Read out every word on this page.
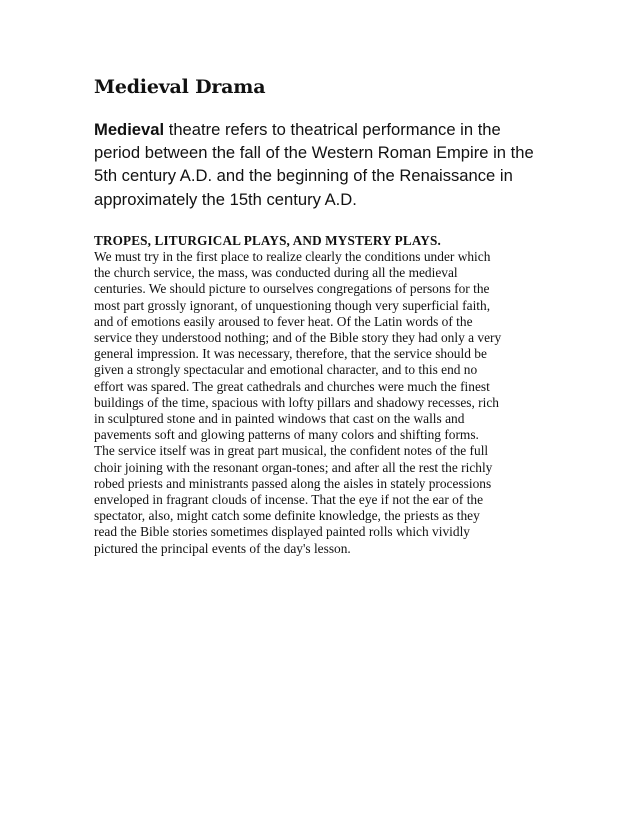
Medieval Drama

Medieval theatre refers to theatrical performance in the
period between the fall of the Western Roman Empire in the
5th century A.D. and the beginning of the Renaissance in
approximately the 15th century A.D.

TROPES, LITURGICAL PLAYS, AND MYSTERY PLAYS.

We must try in the first place to realize clearly the conditions under which
the church service, the mass, was conducted during all the medieval
centuries. We should picture to ourselves congregations of persons for the
most part grossly ignorant, of unquestioning though very superficial faith,
and of emotions easily aroused to fever heat. Of the Latin words of the
service they understood nothing; and of the Bible story they had only a very
general impression. It was necessary, therefore, that the service should be
given a strongly spectacular and emotional character, and to this end no
effort was spared. The great cathedrals and churches were much the finest
buildings of the time, spacious with lofty pillars and shadowy recesses, rich
in sculptured stone and in painted windows that cast on the walls and
pavements soft and glowing patterns of many colors and shifting forms.
The service itself was in great part musical, the confident notes of the full
choir joining with the resonant organ-tones; and after all the rest the richly
robed priests and ministrants passed along the aisles in stately processions
enveloped in fragrant clouds of incense. That the eye if not the ear of the
spectator, also, might catch some definite knowledge, the priests as they
read the Bible stories sometimes displayed painted rolls which vividly
pictured the principal events of the day's lesson.
